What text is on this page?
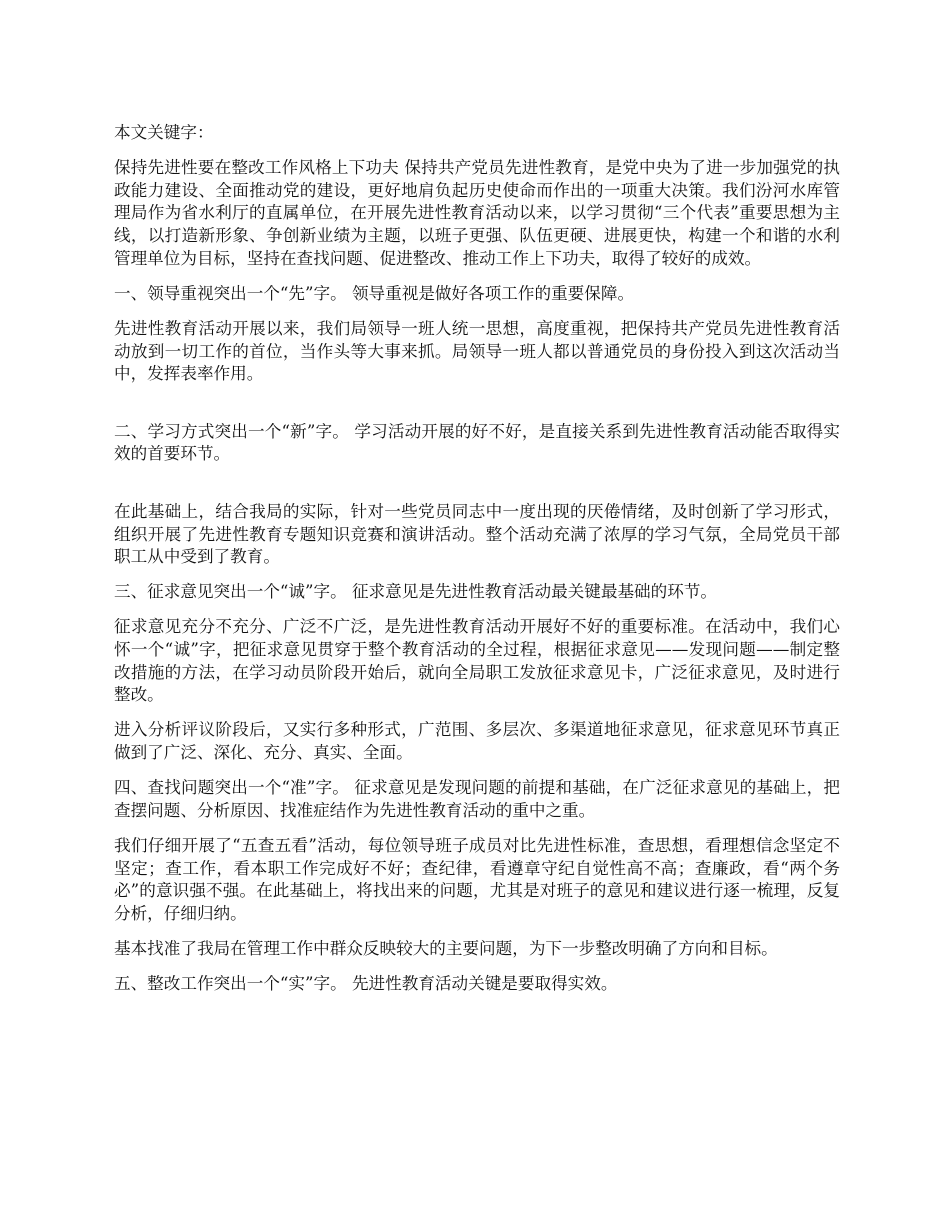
本文关键字：

保持先进性要在整改工作风格上下功夫 保持共产党员先进性教育，是党中央为了进一步加强党的执政能力建设、全面推动党的建设，更好地肩负起历史使命而作出的一项重大决策。我们汾河水库管理局作为省水利厅的直属单位，在开展先进性教育活动以来，以学习贯彻“三个代表”重要思想为主线，以打造新形象、争创新业绩为主题，以班子更强、队伍更硬、进展更快，构建一个和谐的水利管理单位为目标，坚持在查找问题、促进整改、推动工作上下功夫，取得了较好的成效。

一、领导重视突出一个“先”字。 领导重视是做好各项工作的重要保障。

先进性教育活动开展以来，我们局领导一班人统一思想，高度重视，把保持共产党员先进性教育活动放到一切工作的首位，当作头等大事来抓。局领导一班人都以普通党员的身份投入到这次活动当中，发挥表率作用。

二、学习方式突出一个“新”字。 学习活动开展的好不好，是直接关系到先进性教育活动能否取得实效的首要环节。

在此基础上，结合我局的实际，针对一些党员同志中一度出现的厌倦情绪，及时创新了学习形式，组织开展了先进性教育专题知识竞赛和演讲活动。整个活动充满了浓厚的学习气氛，全局党员干部职工从中受到了教育。

三、征求意见突出一个“诚”字。 征求意见是先进性教育活动最关键最基础的环节。

征求意见充分不充分、广泛不广泛，是先进性教育活动开展好不好的重要标准。在活动中，我们心怀一个“诚”字，把征求意见贯穿于整个教育活动的全过程，根据征求意见——发现问题——制定整改措施的方法，在学习动员阶段开始后，就向全局职工发放征求意见卡，广泛征求意见，及时进行整改。

进入分析评议阶段后，又实行多种形式，广范围、多层次、多渠道地征求意见，征求意见环节真正做到了广泛、深化、充分、真实、全面。

四、查找问题突出一个“准”字。 征求意见是发现问题的前提和基础，在广泛征求意见的基础上，把查摆问题、分析原因、找准症结作为先进性教育活动的重中之重。

我们仔细开展了“五查五看”活动，每位领导班子成员对比先进性标准，查思想，看理想信念坚定不坚定；查工作，看本职工作完成好不好；查纪律，看遵章守纪自觉性高不高；查廉政，看“两个务必”的意识强不强。在此基础上，将找出来的问题，尤其是对班子的意见和建议进行逐一梳理，反复分析，仔细归纳。

基本找准了我局在管理工作中群众反映较大的主要问题，为下一步整改明确了方向和目标。

五、整改工作突出一个“实”字。 先进性教育活动关键是要取得实效。
